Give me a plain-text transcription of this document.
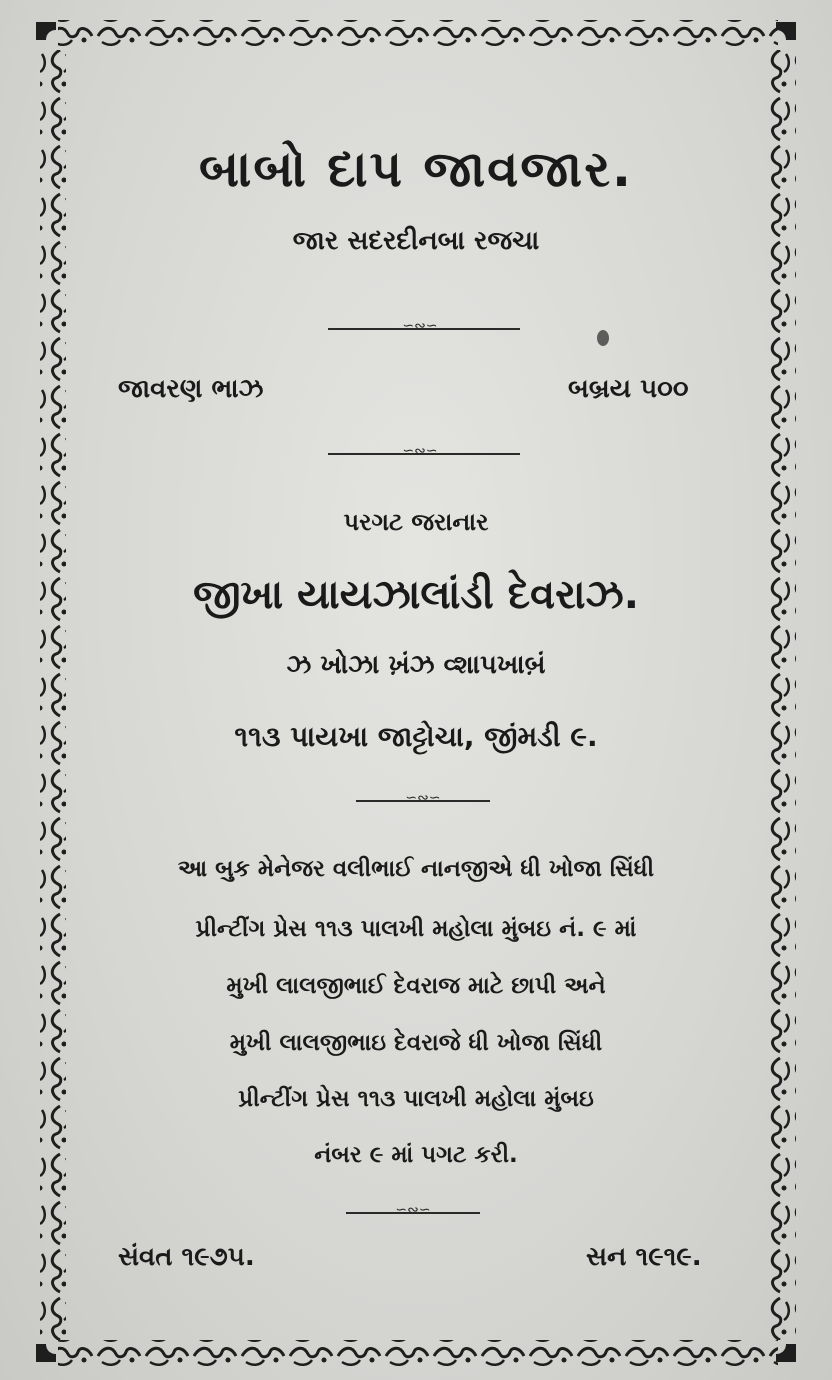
બાબો દાપ જાવજાર.
જાર સદરદીનબા રજચા
∽∾∽
જાવરણ ભાઝ	બબ્રય ૫૦૦
∽∾∽
પરગટ જરાનાર
જીખા યાયઝાલાંડી દેવરાઝ.
ઝ ખોઝા ખ઼ંઝ વ્શાપખાબ઼ં
૧૧૩ પાયખા જાટ્ટોચા, જીંમડી ૯.
∽∾∽
આ બુક મેનેજર વલીભાઈ નાનજીએ ધી ખોજા સિંધી
પ્રીન્ટીંગ પ્રેસ ૧૧૩ પાલખી મહોલા મુંબઇ નં. ૯ માં
મુખી લાલજીભાઈ દેવરાજ માટે છાપી અને
મુખી લાલજીભાઇ દેવરાજે ધી ખોજા સિંધી
પ્રીન્ટીંગ પ્રેસ ૧૧૩ પાલખી મહોલા મુંબઇ
નંબર ૯ માં પગટ કરી.
∽∾∽
સંવત ૧૯૭૫.	સન ૧૯૧૯.
